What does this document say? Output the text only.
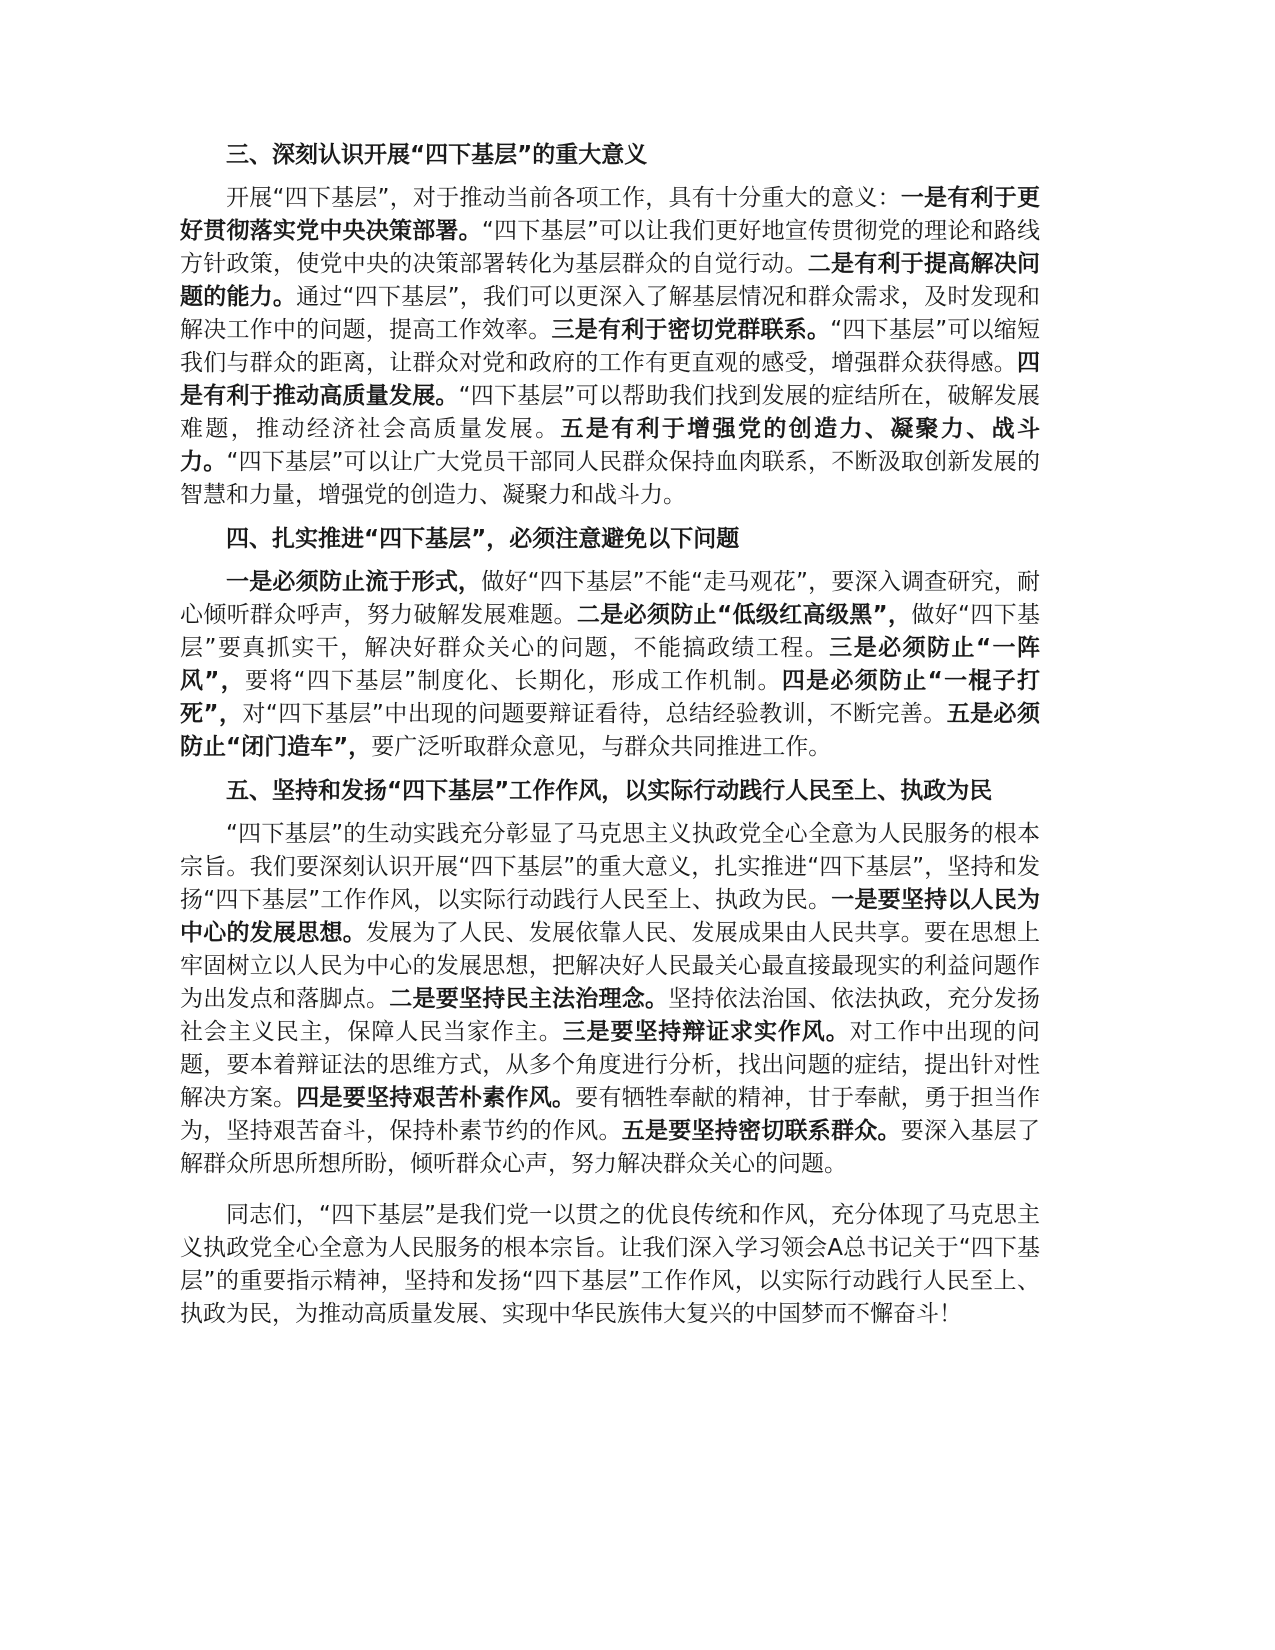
三、深刻认识开展“四下基层”的重大意义

开展“四下基层”，对于推动当前各项工作，具有十分重大的意义：一是有利于更好贯彻落实党中央决策部署。“四下基层”可以让我们更好地宣传贯彻党的理论和路线方针政策，使党中央的决策部署转化为基层群众的自觉行动。二是有利于提高解决问题的能力。通过“四下基层”，我们可以更深入了解基层情况和群众需求，及时发现和解决工作中的问题，提高工作效率。三是有利于密切党群联系。“四下基层”可以缩短我们与群众的距离，让群众对党和政府的工作有更直观的感受，增强群众获得感。四是有利于推动高质量发展。“四下基层”可以帮助我们找到发展的症结所在，破解发展难题，推动经济社会高质量发展。五是有利于增强党的创造力、凝聚力、战斗力。“四下基层”可以让广大党员干部同人民群众保持血肉联系，不断汲取创新发展的智慧和力量，增强党的创造力、凝聚力和战斗力。

四、扎实推进“四下基层”，必须注意避免以下问题

一是必须防止流于形式，做好“四下基层”不能“走马观花”，要深入调查研究，耐心倾听群众呼声，努力破解发展难题。二是必须防止“低级红高级黑”，做好“四下基层”要真抓实干，解决好群众关心的问题，不能搞政绩工程。三是必须防止“一阵风”，要将“四下基层”制度化、长期化，形成工作机制。四是必须防止“一棍子打死”，对“四下基层”中出现的问题要辩证看待，总结经验教训，不断完善。五是必须防止“闭门造车”，要广泛听取群众意见，与群众共同推进工作。

五、坚持和发扬“四下基层”工作作风，以实际行动践行人民至上、执政为民

“四下基层”的生动实践充分彰显了马克思主义执政党全心全意为人民服务的根本宗旨。我们要深刻认识开展“四下基层”的重大意义，扎实推进“四下基层”，坚持和发扬“四下基层”工作作风，以实际行动践行人民至上、执政为民。一是要坚持以人民为中心的发展思想。发展为了人民、发展依靠人民、发展成果由人民共享。要在思想上牢固树立以人民为中心的发展思想，把解决好人民最关心最直接最现实的利益问题作为出发点和落脚点。二是要坚持民主法治理念。坚持依法治国、依法执政，充分发扬社会主义民主，保障人民当家作主。三是要坚持辩证求实作风。对工作中出现的问题，要本着辩证法的思维方式，从多个角度进行分析，找出问题的症结，提出针对性解决方案。四是要坚持艰苦朴素作风。要有牺牲奉献的精神，甘于奉献，勇于担当作为，坚持艰苦奋斗，保持朴素节约的作风。五是要坚持密切联系群众。要深入基层了解群众所思所想所盼，倾听群众心声，努力解决群众关心的问题。

同志们，“四下基层”是我们党一以贯之的优良传统和作风，充分体现了马克思主义执政党全心全意为人民服务的根本宗旨。让我们深入学习领会A总书记关于“四下基层”的重要指示精神，坚持和发扬“四下基层”工作作风，以实际行动践行人民至上、执政为民，为推动高质量发展、实现中华民族伟大复兴的中国梦而不懈奋斗！
